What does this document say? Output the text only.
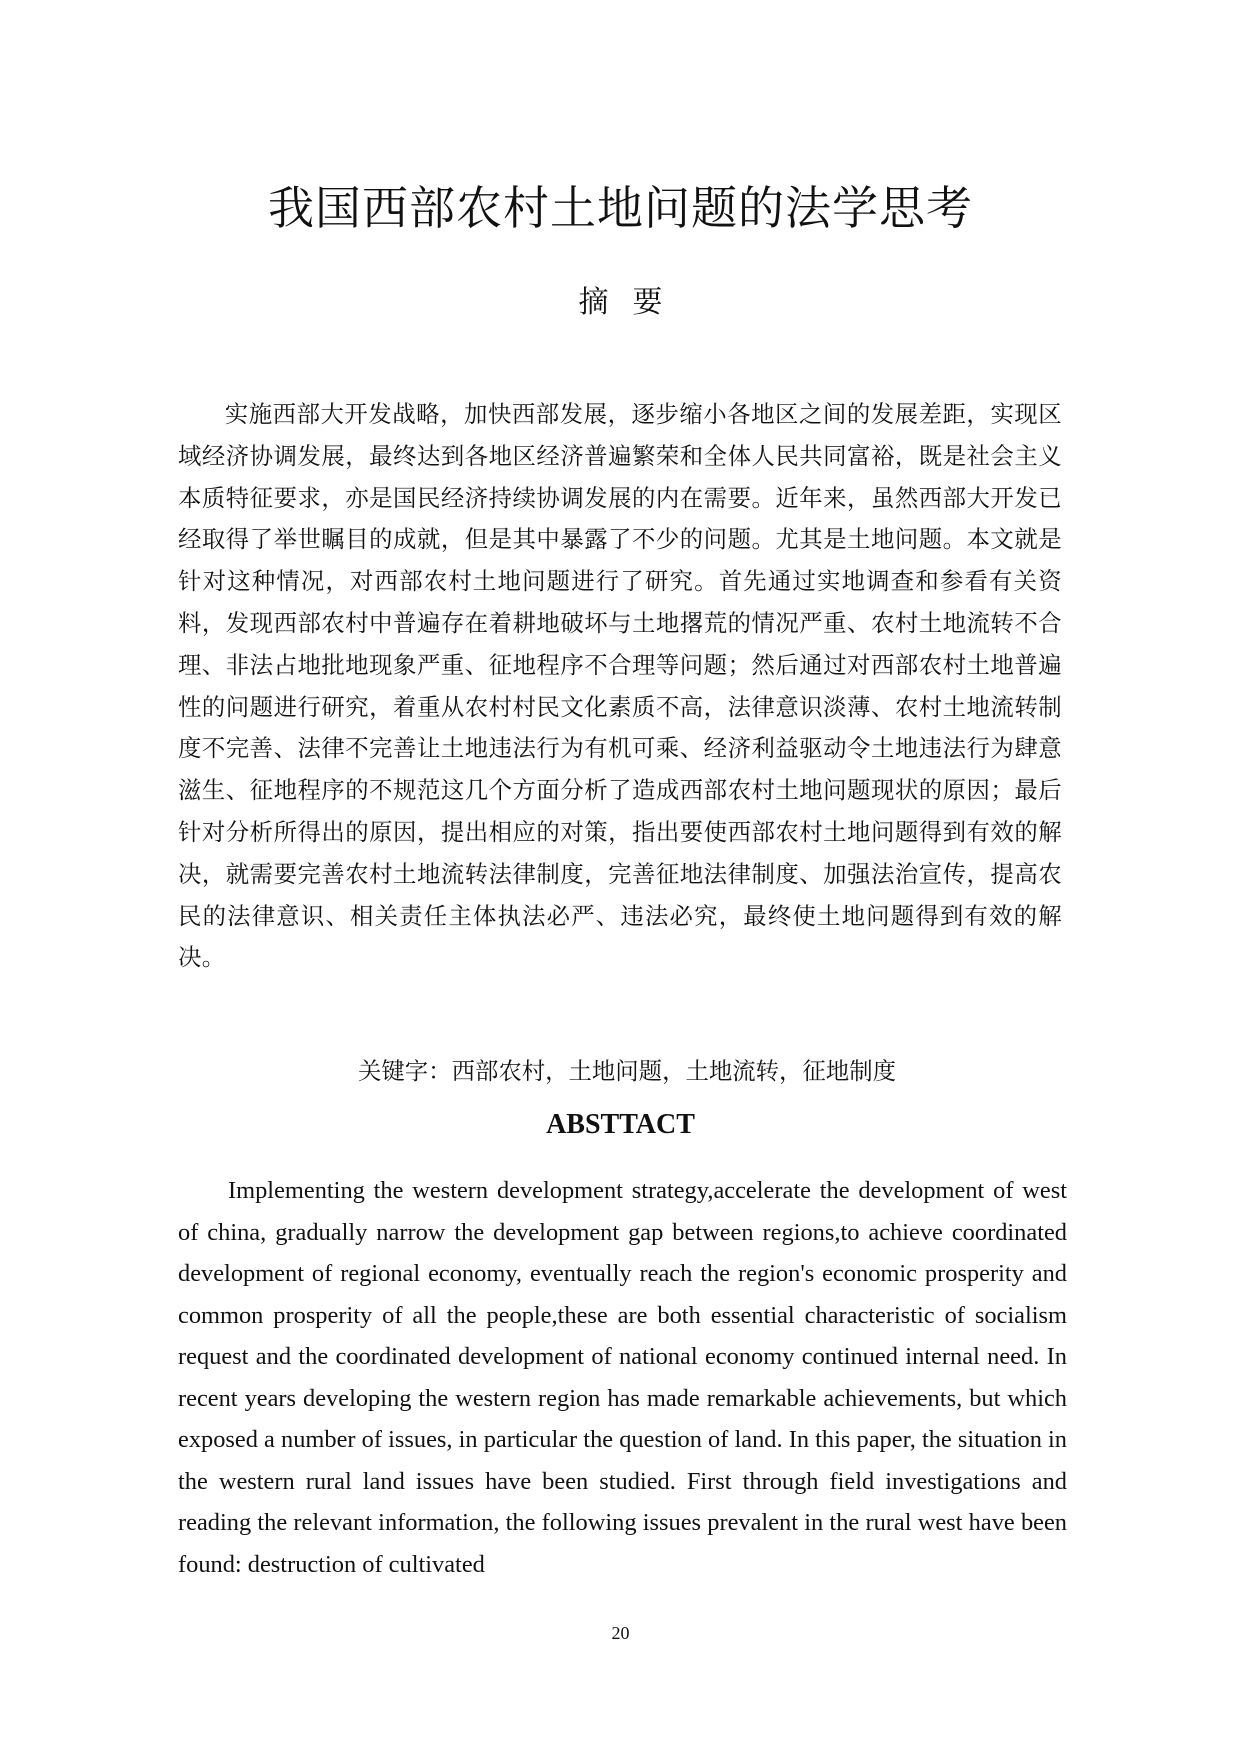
我国西部农村土地问题的法学思考
摘要

实施西部大开发战略，加快西部发展，逐步缩小各地区之间的发展差距，实现区域经济协调发展，最终达到各地区经济普遍繁荣和全体人民共同富裕，既是社会主义本质特征要求，亦是国民经济持续协调发展的内在需要。近年来，虽然西部大开发已经取得了举世瞩目的成就，但是其中暴露了不少的问题。尤其是土地问题。本文就是针对这种情况，对西部农村土地问题进行了研究。首先通过实地调查和参看有关资料，发现西部农村中普遍存在着耕地破坏与土地撂荒的情况严重、农村土地流转不合理、非法占地批地现象严重、征地程序不合理等问题；然后通过对西部农村土地普遍性的问题进行研究，着重从农村村民文化素质不高，法律意识淡薄、农村土地流转制度不完善、法律不完善让土地违法行为有机可乘、经济利益驱动令土地违法行为肆意滋生、征地程序的不规范这几个方面分析了造成西部农村土地问题现状的原因；最后针对分析所得出的原因，提出相应的对策，指出要使西部农村土地问题得到有效的解决，就需要完善农村土地流转法律制度，完善征地法律制度、加强法治宣传，提高农民的法律意识、相关责任主体执法必严、违法必究，最终使土地问题得到有效的解决。

关键字：西部农村，土地问题，土地流转，征地制度

ABSTTACT

Implementing the western development strategy,accelerate the development of west of china, gradually narrow the development gap between regions,to achieve coordinated development of regional economy, eventually reach the region's economic prosperity and common prosperity of all the people,these are both essential characteristic of socialism request and the coordinated development of national economy continued internal need. In recent years developing the western region has made remarkable achievements, but which exposed a number of issues, in particular the question of land. In this paper, the situation in the western rural land issues have been studied. First through field investigations and reading the relevant information, the following issues prevalent in the rural west have been found: destruction of cultivated

20
